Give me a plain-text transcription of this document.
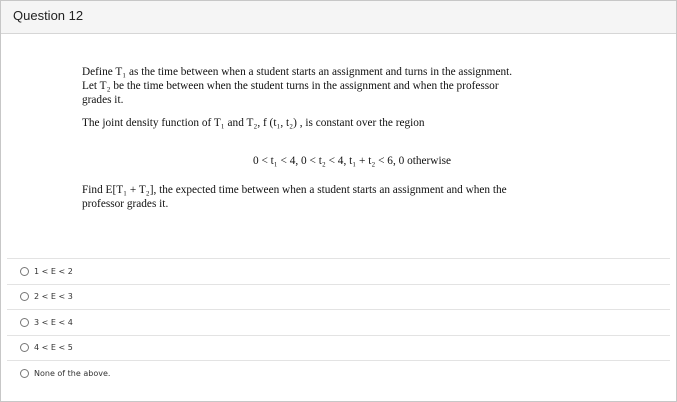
Question 12

Define T₁ as the time between when a student starts an assignment and turns in the assignment.
Let T₂ be the time between when the student turns in the assignment and when the professor
grades it.

The joint density function of T₁ and T₂, f (t₁, t₂) , is constant over the region

0 < t₁ < 4, 0 < t₂ < 4, t₁ + t₂ < 6, 0 otherwise

Find E[T₁ + T₂], the expected time between when a student starts an assignment and when the
professor grades it.

1 < E < 2
2 < E < 3
3 < E < 4
4 < E < 5
None of the above.
